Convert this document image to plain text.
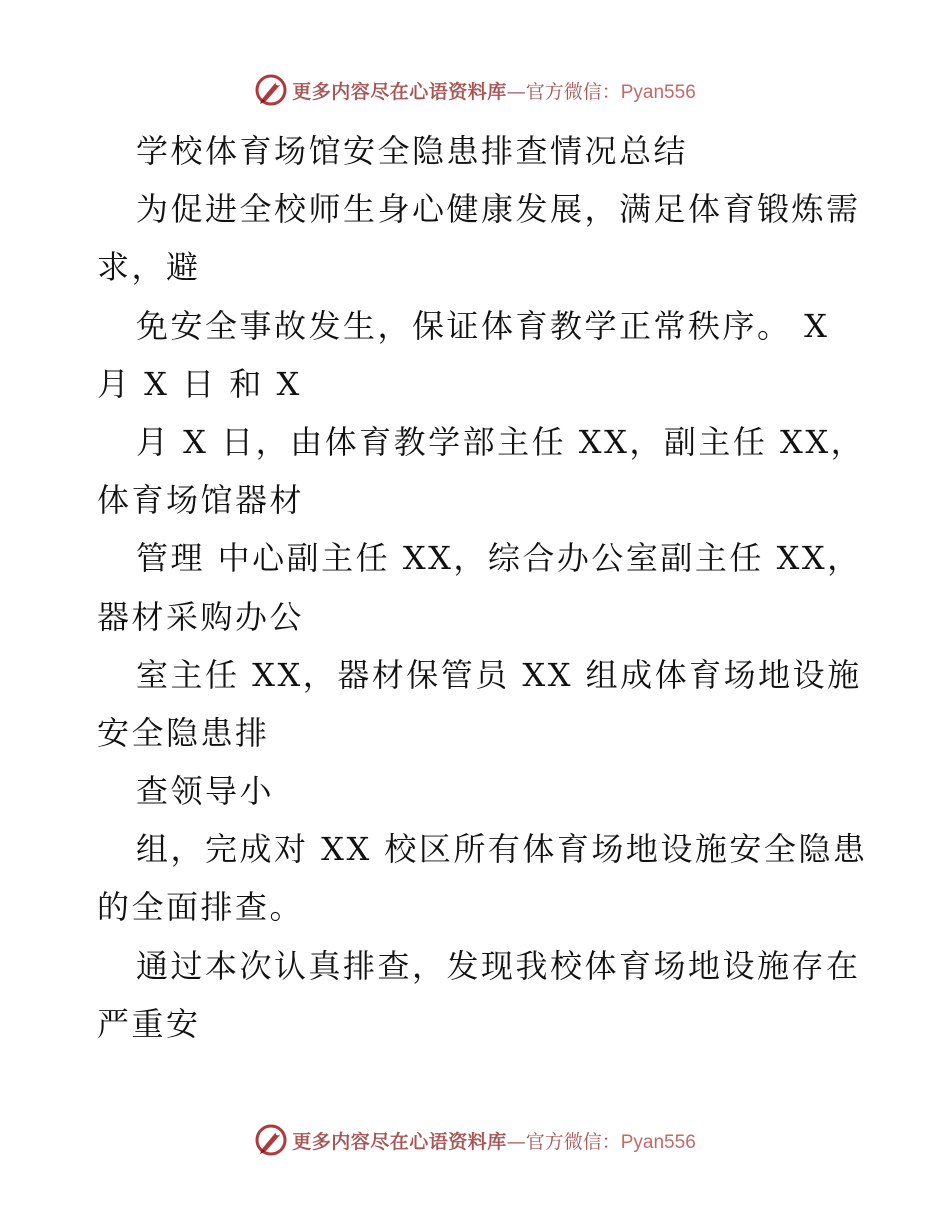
更多内容尽在心语资料库 —官方微信： Pyan556
学校体育场馆安全隐患排查情况总结
为促进全校师生身心健康发展，满足体育锻炼需
求，避
免安全事故发生，保证体育教学正常秩序。 X
月 X 日 和 X
月 X 日，由体育教学部主任 XX，副主任 XX，
体育场馆器材
管理 中心副主任 XX，综合办公室副主任 XX，
器材采购办公
室主任 XX，器材保管员 XX 组成体育场地设施
安全隐患排
查领导小
组，完成对 XX 校区所有体育场地设施安全隐患
的全面排查。
通过本次认真排查，发现我校体育场地设施存在
严重安
更多内容尽在心语资料库 —官方微信： Pyan556
